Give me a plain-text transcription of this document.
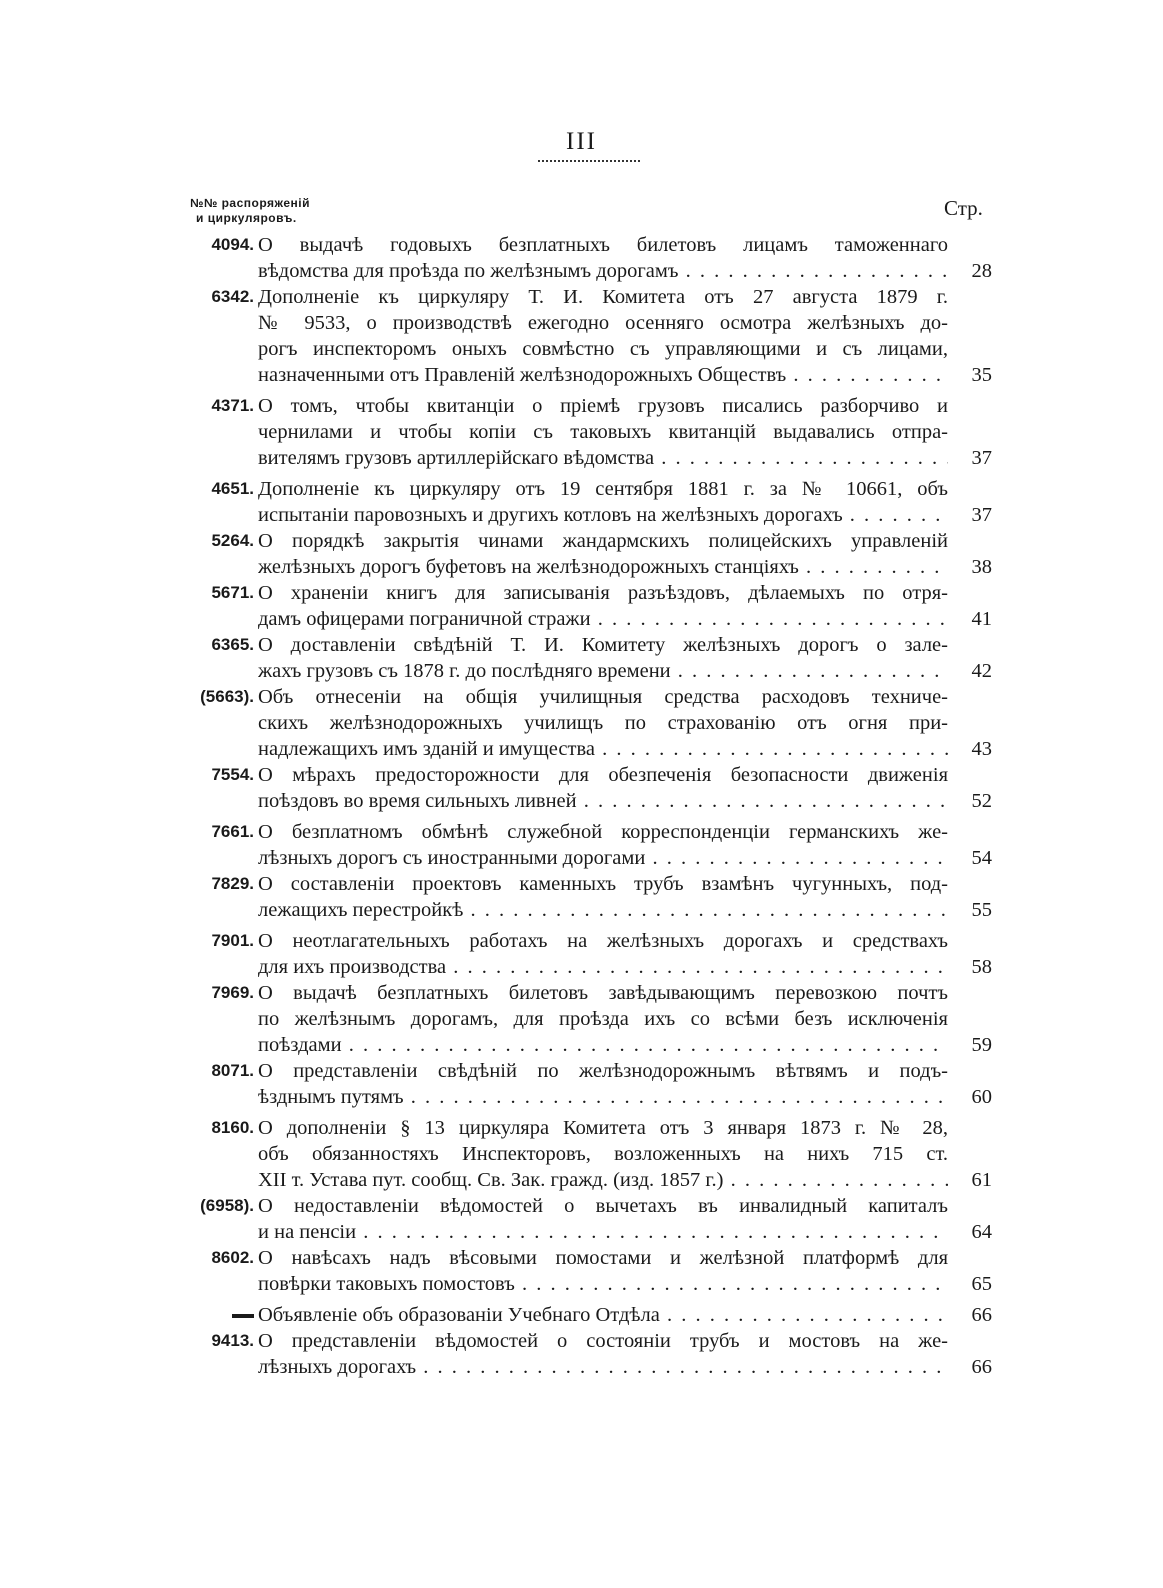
III
№№ распоряженій
и циркуляровъ.	Стр.
4094. О выдачѣ годовыхъ безплатныхъ билетовъ лицамъ таможеннаго
вѣдомства для проѣзда по желѣзнымъ дорогамъ . . .	28
6342. Дополненіе къ циркуляру Т. И. Комитета отъ 27 августа 1879 г.
№ 9533, о производствѣ ежегодно осенняго осмотра желѣзныхъ до-
рогъ инспекторомъ оныхъ совмѣстно съ управляющими и съ лицами,
назначенными отъ Правленій желѣзнодорожныхъ Обществъ . . .	35
4371. О томъ, чтобы квитанціи о пріемѣ грузовъ писались разборчиво и
чернилами и чтобы копіи съ таковыхъ квитанцій выдавались отпра-
вителямъ грузовъ артиллерійскаго вѣдомства . . .	37
4651. Дополненіе къ циркуляру отъ 19 сентября 1881 г. за № 10661, объ
испытаніи паровозныхъ и другихъ котловъ на желѣзныхъ дорогахъ . . .	37
5264. О порядкѣ закрытія чинами жандармскихъ полицейскихъ управленій
желѣзныхъ дорогъ буфетовъ на желѣзнодорожныхъ станціяхъ . . .	38
5671. О храненіи книгъ для записыванія разъѣздовъ, дѣлаемыхъ по отря-
дамъ офицерами пограничной стражи . . .	41
6365. О доставленіи свѣдѣній Т. И. Комитету желѣзныхъ дорогъ о зале-
жахъ грузовъ съ 1878 г. до послѣдняго времени . . .	42
(5663). Объ отнесеніи на общія училищныя средства расходовъ техниче-
скихъ желѣзнодорожныхъ училищъ по страхованію отъ огня при-
надлежащихъ имъ зданій и имущества . . .	43
7554. О мѣрахъ предосторожности для обезпеченія безопасности движенія
поѣздовъ во время сильныхъ ливней . . .	52
7661. О безплатномъ обмѣнѣ служебной корреспонденціи германскихъ же-
лѣзныхъ дорогъ съ иностранными дорогами . . .	54
7829. О составленіи проектовъ каменныхъ трубъ взамѣнъ чугунныхъ, под-
лежащихъ перестройкѣ . . .	55
7901. О неотлагательныхъ работахъ на желѣзныхъ дорогахъ и средствахъ
для ихъ производства . . .	58
7969. О выдачѣ безплатныхъ билетовъ завѣдывающимъ перевозкою почтъ
по желѣзнымъ дорогамъ, для проѣзда ихъ со всѣми безъ исключенія
поѣздами . . .	59
8071. О представленіи свѣдѣній по желѣзнодорожнымъ вѣтвямъ и подъ-
ѣзднымъ путямъ . . .	60
8160. О дополненіи § 13 циркуляра Комитета отъ 3 января 1873 г. № 28,
объ обязанностяхъ Инспекторовъ, возложенныхъ на нихъ 715 ст.
XII т. Устава пут. сообщ. Св. Зак. гражд. (изд. 1857 г.) . . .	61
(6958). О недоставленіи вѣдомостей о вычетахъ въ инвалидный капиталъ
и на пенсіи . . .	64
8602. О навѣсахъ надъ вѣсовыми помостами и желѣзной платформѣ для
повѣрки таковыхъ помостовъ . . .	65
Объявленіе объ образованіи Учебнаго Отдѣла . . .	66
9413. О представленіи вѣдомостей о состояніи трубъ и мостовъ на же-
лѣзныхъ дорогахъ . . .	66
